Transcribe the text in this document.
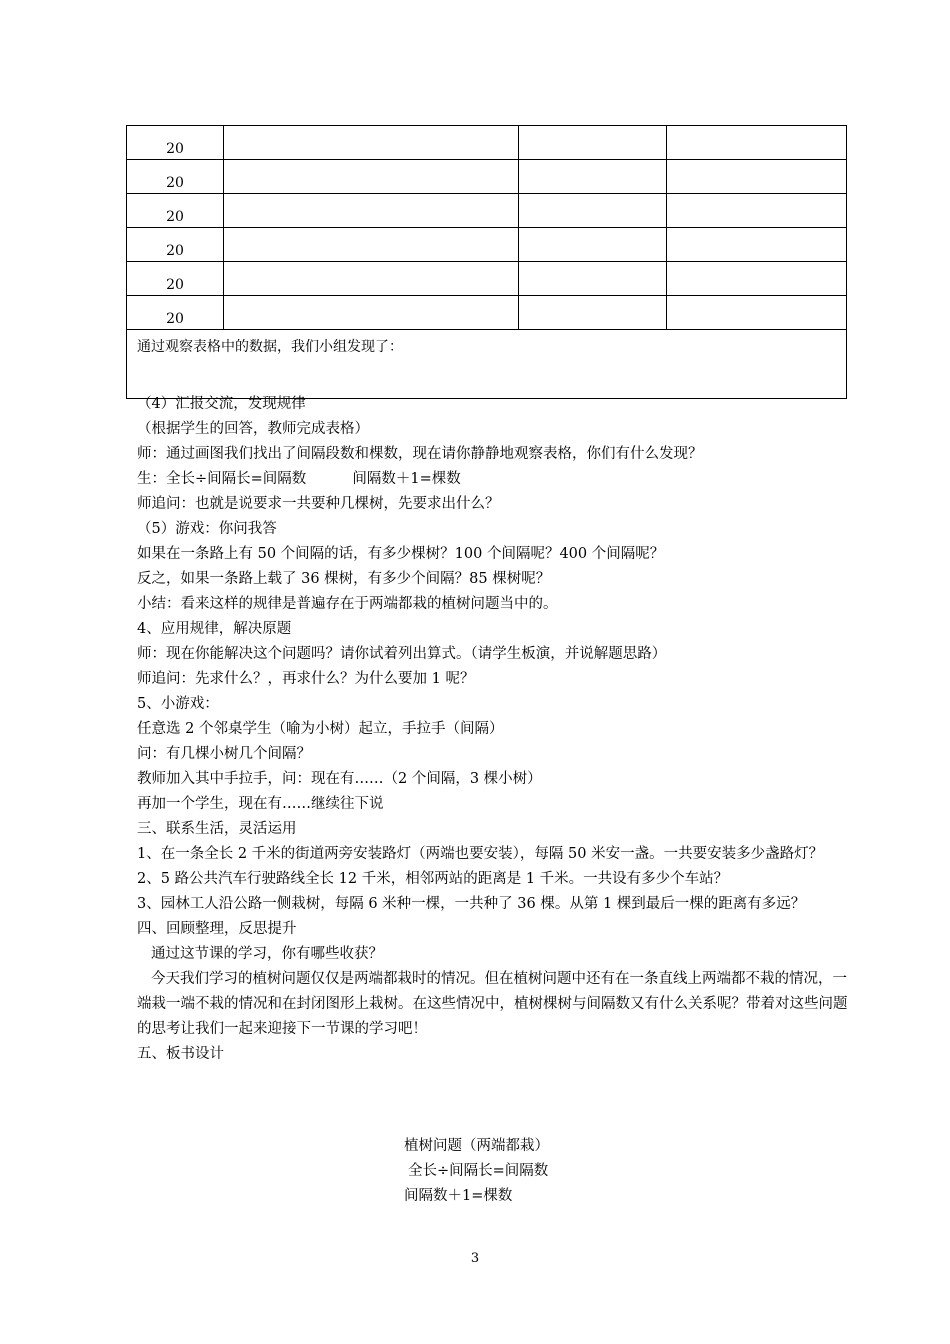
20			
20			
20			
20			
20			
20			
通过观察表格中的数据，我们小组发现了：			
（4）汇报交流，发现规律
（根据学生的回答，教师完成表格）
师：通过画图我们找出了间隔段数和棵数，现在请你静静地观察表格，你们有什么发现？
生：全长÷间隔长=间隔数          间隔数＋1=棵数
师追问：也就是说要求一共要种几棵树，先要求出什么？
（5）游戏：你问我答
如果在一条路上有 50 个间隔的话，有多少棵树？100 个间隔呢？400 个间隔呢？
反之，如果一条路上载了 36 棵树，有多少个间隔？85 棵树呢？
小结：看来这样的规律是普遍存在于两端都栽的植树问题当中的。
4、应用规律，解决原题
师：现在你能解决这个问题吗？请你试着列出算式。（请学生板演，并说解题思路）
师追问：先求什么？，再求什么？为什么要加 1 呢？
5、小游戏：
任意选 2 个邻桌学生（喻为小树）起立，手拉手（间隔）
问：有几棵小树几个间隔？
教师加入其中手拉手，问：现在有……（2 个间隔，3 棵小树）
再加一个学生，现在有……继续往下说
三、联系生活，灵活运用
1、在一条全长 2 千米的街道两旁安装路灯（两端也要安装），每隔 50 米安一盏。一共要安装多少盏路灯？
2、5 路公共汽车行驶路线全长 12 千米，相邻两站的距离是 1 千米。一共设有多少个车站？
3、园林工人沿公路一侧栽树，每隔 6 米种一棵，一共种了 36 棵。从第 1 棵到最后一棵的距离有多远？
四、回顾整理，反思提升
通过这节课的学习，你有哪些收获？
今天我们学习的植树问题仅仅是两端都栽时的情况。但在植树问题中还有在一条直线上两端都不栽的情况，一端栽一端不栽的情况和在封闭图形上栽树。在这些情况中，植树棵树与间隔数又有什么关系呢？带着对这些问题的思考让我们一起来迎接下一节课的学习吧！
五、板书设计
植树问题（两端都栽）
全长÷间隔长=间隔数
间隔数＋1=棵数
3
